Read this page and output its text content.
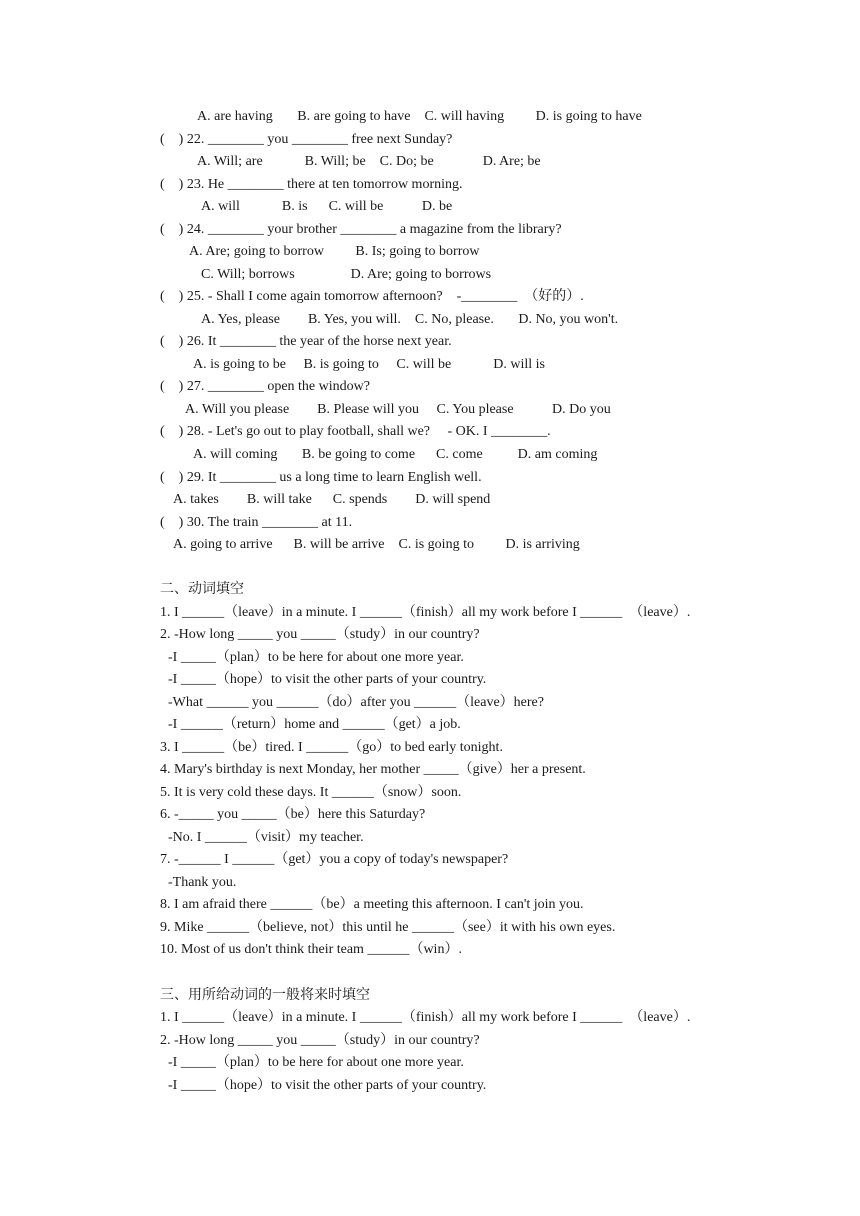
A. are having       B. are going to have    C. will having         D. is going to have
(    ) 22. ________ you ________ free next Sunday?
A. Will; are            B. Will; be    C. Do; be              D. Are; be
(    ) 23. He ________ there at ten tomorrow morning.
A. will            B. is      C. will be           D. be
(    ) 24. ________ your brother ________ a magazine from the library?
A. Are; going to borrow         B. Is; going to borrow
C. Will; borrows                D. Are; going to borrows
(    ) 25. - Shall I come again tomorrow afternoon?    -________  （好的）.
A. Yes, please        B. Yes, you will.    C. No, please.       D. No, you won't.
(    ) 26. It ________ the year of the horse next year.
A. is going to be     B. is going to     C. will be            D. will is
(    ) 27. ________ open the window?
A. Will you please        B. Please will you     C. You please           D. Do you
(    ) 28. - Let's go out to play football, shall we?     - OK. I ________.
A. will coming       B. be going to come      C. come          D. am coming
(    ) 29. It ________ us a long time to learn English well.
A. takes        B. will take      C. spends        D. will spend
(    ) 30. The train ________ at 11.
A. going to arrive      B. will be arrive    C. is going to         D. is arriving
二、动词填空
1. I ______（leave）in a minute. I ______（finish）all my work before I ______  （leave）.
2. -How long _____ you _____（study）in our country?
-I _____（plan）to be here for about one more year.
-I _____（hope）to visit the other parts of your country.
-What ______ you ______（do）after you ______（leave）here?
-I ______（return）home and ______（get）a job.
3. I ______（be）tired. I ______（go）to bed early tonight.
4. Mary's birthday is next Monday, her mother _____（give）her a present.
5. It is very cold these days. It ______（snow）soon.
6. -_____ you _____（be）here this Saturday?
-No. I ______（visit）my teacher.
7. -______ I ______（get）you a copy of today's newspaper?
-Thank you.
8. I am afraid there ______（be）a meeting this afternoon. I can't join you.
9. Mike ______（believe, not）this until he ______（see）it with his own eyes.
10. Most of us don't think their team ______（win）.
三、用所给动词的一般将来时填空
1. I ______（leave）in a minute. I ______（finish）all my work before I ______  （leave）.
2. -How long _____ you _____（study）in our country?
-I _____（plan）to be here for about one more year.
-I _____（hope）to visit the other parts of your country.
